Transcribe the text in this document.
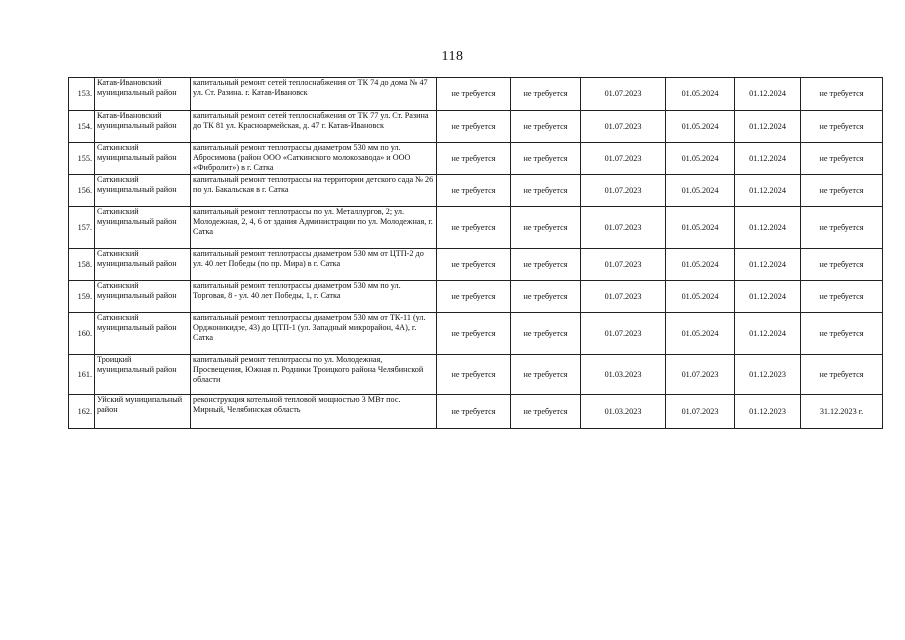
118
153.	Катав-Ивановский муниципальный район	капитальный ремонт сетей теплоснабжения от ТК 74 до дома № 47 ул. Ст. Разина. г. Катав-Ивановск	не требуется	не требуется	01.07.2023	01.05.2024	01.12.2024	не требуется
154.	Катав-Ивановский муниципальный район	капитальный ремонт сетей теплоснабжения от ТК 77 ул. Ст. Разина до ТК 81 ул. Красноармейская, д. 47 г. Катав-Ивановск	не требуется	не требуется	01.07.2023	01.05.2024	01.12.2024	не требуется
155.	Саткинский муниципальный район	капитальный ремонт теплотрассы диаметром 530 мм по ул. Абросимова (район ООО «Саткинского молокозавода» и ООО «Фибролит») в г. Сатка	не требуется	не требуется	01.07.2023	01.05.2024	01.12.2024	не требуется
156.	Саткинский муниципальный район	капитальный ремонт теплотрассы на территории детского сада № 26 по ул. Бакальская в г. Сатка	не требуется	не требуется	01.07.2023	01.05.2024	01.12.2024	не требуется
157.	Саткинский муниципальный район	капитальный ремонт теплотрассы по ул. Металлургов, 2; ул. Молодежная, 2, 4, 6 от здания Администрации по ул. Молодежная, г. Сатка	не требуется	не требуется	01.07.2023	01.05.2024	01.12.2024	не требуется
158.	Саткинский муниципальный район	капитальный ремонт теплотрассы диаметром 530 мм от ЦТП-2 до ул. 40 лет Победы (по пр. Мира) в г. Сатка	не требуется	не требуется	01.07.2023	01.05.2024	01.12.2024	не требуется
159.	Саткинский муниципальный район	капитальный ремонт теплотрассы диаметром 530 мм по ул. Торговая, 8 - ул. 40 лет Победы, 1, г. Сатка	не требуется	не требуется	01.07.2023	01.05.2024	01.12.2024	не требуется
160.	Саткинский муниципальный район	капитальный ремонт теплотрассы диаметром 530 мм от ТК-11 (ул. Орджоникидзе, 43) до ЦТП-1 (ул. Западный микрорайон, 4А), г. Сатка	не требуется	не требуется	01.07.2023	01.05.2024	01.12.2024	не требуется
161.	Троицкий муниципальный район	капитальный ремонт теплотрассы по ул. Молодежная, Просвещения, Южная п. Родники Троицкого района Челябинской области	не требуется	не требуется	01.03.2023	01.07.2023	01.12.2023	не требуется
162.	Уйский муниципальный район	реконструкция котельной тепловой мощностью 3 МВт пос. Мирный, Челябинская область	не требуется	не требуется	01.03.2023	01.07.2023	01.12.2023	31.12.2023 г.
